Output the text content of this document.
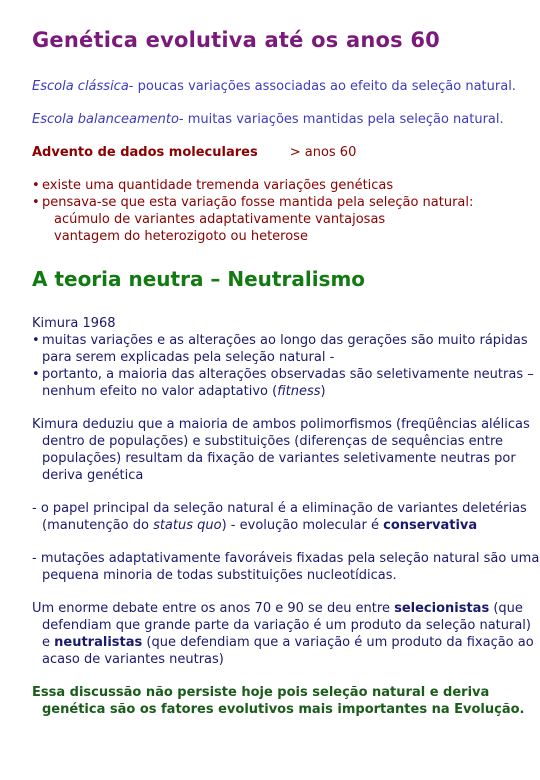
Genética evolutiva até os anos 60
Escola clássica- poucas variações associadas ao efeito da seleção natural.
Escola balanceamento- muitas variações mantidas pela seleção natural.
Advento de dados moleculares > anos 60
• existe uma quantidade tremenda variações genéticas
• pensava-se que esta variação fosse mantida pela seleção natural:
acúmulo de variantes adaptativamente vantajosas
vantagem do heterozigoto ou heterose
A teoria neutra – Neutralismo
Kimura 1968
• muitas variações e as alterações ao longo das gerações são muito rápidas
para serem explicadas pela seleção natural -
• portanto, a maioria das alterações observadas são seletivamente neutras –
nenhum efeito no valor adaptativo (fitness)
Kimura deduziu que a maioria de ambos polimorfismos (freqüências alélicas
dentro de populações) e substituições (diferenças de sequências entre
populações) resultam da fixação de variantes seletivamente neutras por
deriva genética
- o papel principal da seleção natural é a eliminação de variantes deletérias
(manutenção do status quo) - evolução molecular é conservativa
- mutações adaptativamente favoráveis fixadas pela seleção natural são uma
pequena minoria de todas substituições nucleotídicas.
Um enorme debate entre os anos 70 e 90 se deu entre selecionistas (que
defendiam que grande parte da variação é um produto da seleção natural)
e neutralistas (que defendiam que a variação é um produto da fixação ao
acaso de variantes neutras)
Essa discussão não persiste hoje pois seleção natural e deriva
genética são os fatores evolutivos mais importantes na Evolução.
